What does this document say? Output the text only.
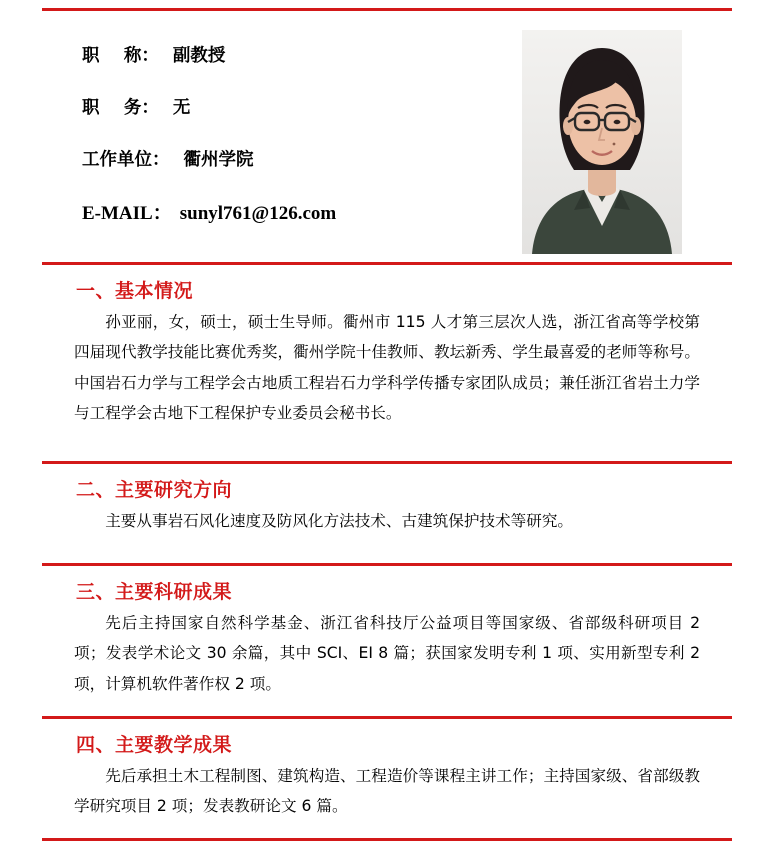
职    称： 副教授
职    务： 无
工作单位： 衢州学院
E-MAIL： sunyl761@126.com
一、基本情况
孙亚丽，女，硕士，硕士生导师。衢州市 115 人才第三层次人选，浙江省高等学校第四届现代教学技能比赛优秀奖，衢州学院十佳教师、教坛新秀、学生最喜爱的老师等称号。中国岩石力学与工程学会古地质工程岩石力学科学传播专家团队成员；兼任浙江省岩土力学与工程学会古地下工程保护专业委员会秘书长。
二、主要研究方向
主要从事岩石风化速度及防风化方法技术、古建筑保护技术等研究。
三、主要科研成果
先后主持国家自然科学基金、浙江省科技厅公益项目等国家级、省部级科研项目 2 项；发表学术论文 30 余篇，其中 SCI、EI 8 篇；获国家发明专利 1 项、实用新型专利 2 项，计算机软件著作权 2 项。
四、主要教学成果
先后承担土木工程制图、建筑构造、工程造价等课程主讲工作；主持国家级、省部级教学研究项目 2 项；发表教研论文 6 篇。
